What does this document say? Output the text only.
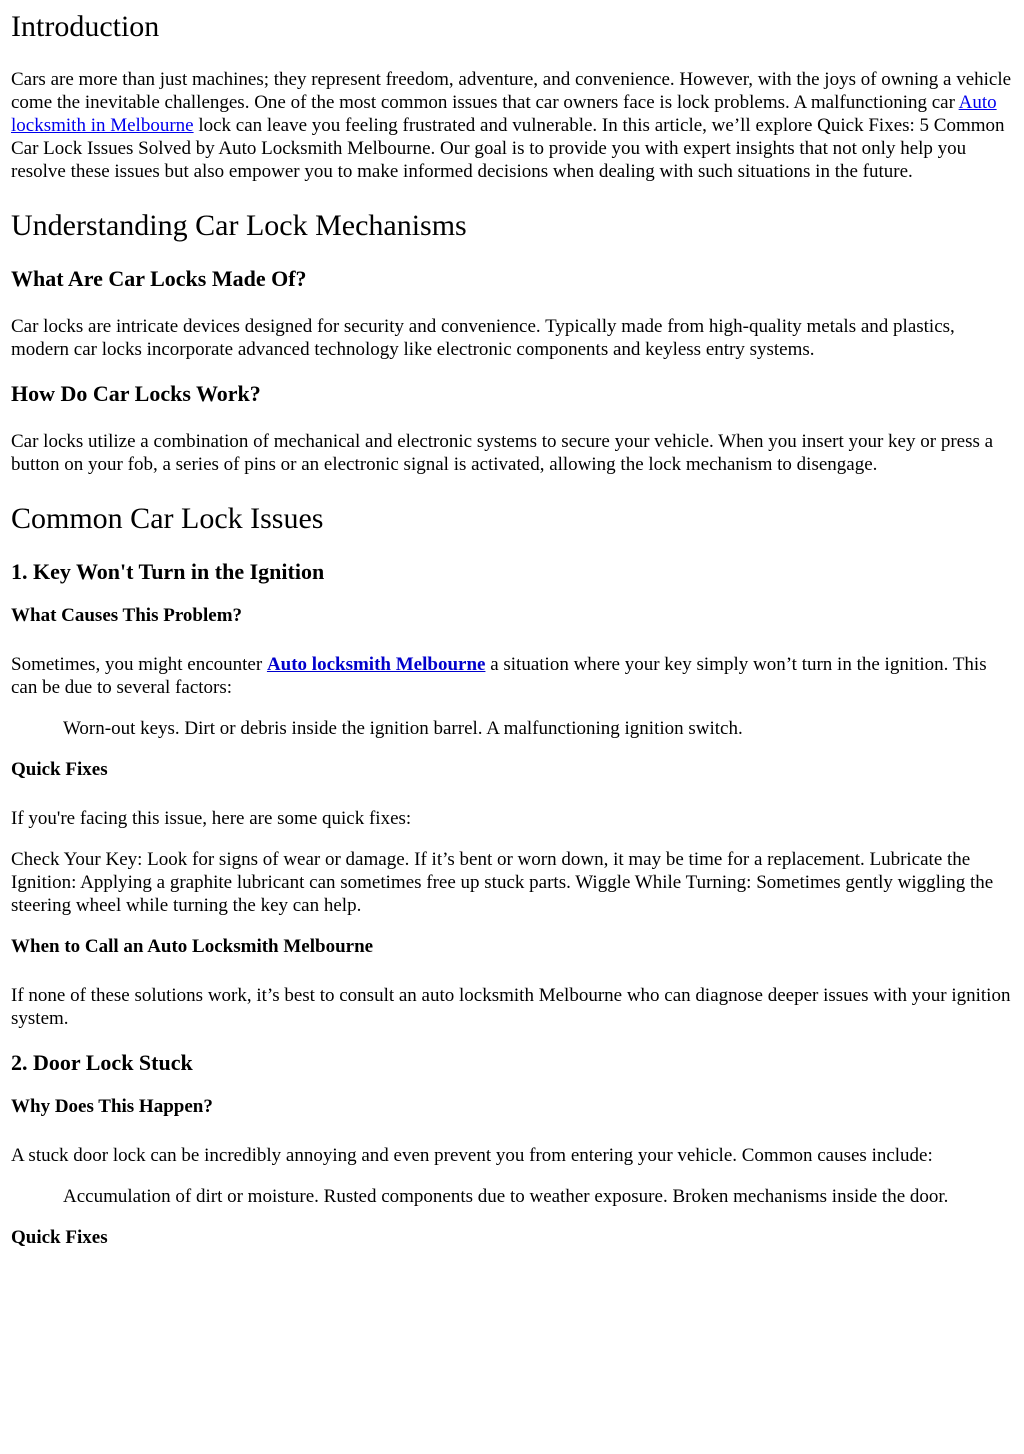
Introduction

Cars are more than just machines; they represent freedom, adventure, and convenience. However, with the joys of owning a vehicle come the inevitable challenges. One of the most common issues that car owners face is lock problems. A malfunctioning car Auto locksmith in Melbourne lock can leave you feeling frustrated and vulnerable. In this article, we’ll explore Quick Fixes: 5 Common Car Lock Issues Solved by Auto Locksmith Melbourne. Our goal is to provide you with expert insights that not only help you resolve these issues but also empower you to make informed decisions when dealing with such situations in the future.

Understanding Car Lock Mechanisms
What Are Car Locks Made Of?

Car locks are intricate devices designed for security and convenience. Typically made from high-quality metals and plastics, modern car locks incorporate advanced technology like electronic components and keyless entry systems.

How Do Car Locks Work?

Car locks utilize a combination of mechanical and electronic systems to secure your vehicle. When you insert your key or press a button on your fob, a series of pins or an electronic signal is activated, allowing the lock mechanism to disengage.

Common Car Lock Issues
1. Key Won't Turn in the Ignition
What Causes This Problem?

Sometimes, you might encounter Auto locksmith Melbourne a situation where your key simply won’t turn in the ignition. This can be due to several factors:

Worn-out keys. Dirt or debris inside the ignition barrel. A malfunctioning ignition switch.
Quick Fixes

If you're facing this issue, here are some quick fixes:

Check Your Key: Look for signs of wear or damage. If it’s bent or worn down, it may be time for a replacement. Lubricate the Ignition: Applying a graphite lubricant can sometimes free up stuck parts. Wiggle While Turning: Sometimes gently wiggling the steering wheel while turning the key can help.

When to Call an Auto Locksmith Melbourne

If none of these solutions work, it’s best to consult an auto locksmith Melbourne who can diagnose deeper issues with your ignition system.

2. Door Lock Stuck
Why Does This Happen?

A stuck door lock can be incredibly annoying and even prevent you from entering your vehicle. Common causes include:

Accumulation of dirt or moisture. Rusted components due to weather exposure. Broken mechanisms inside the door.
Quick Fixes
